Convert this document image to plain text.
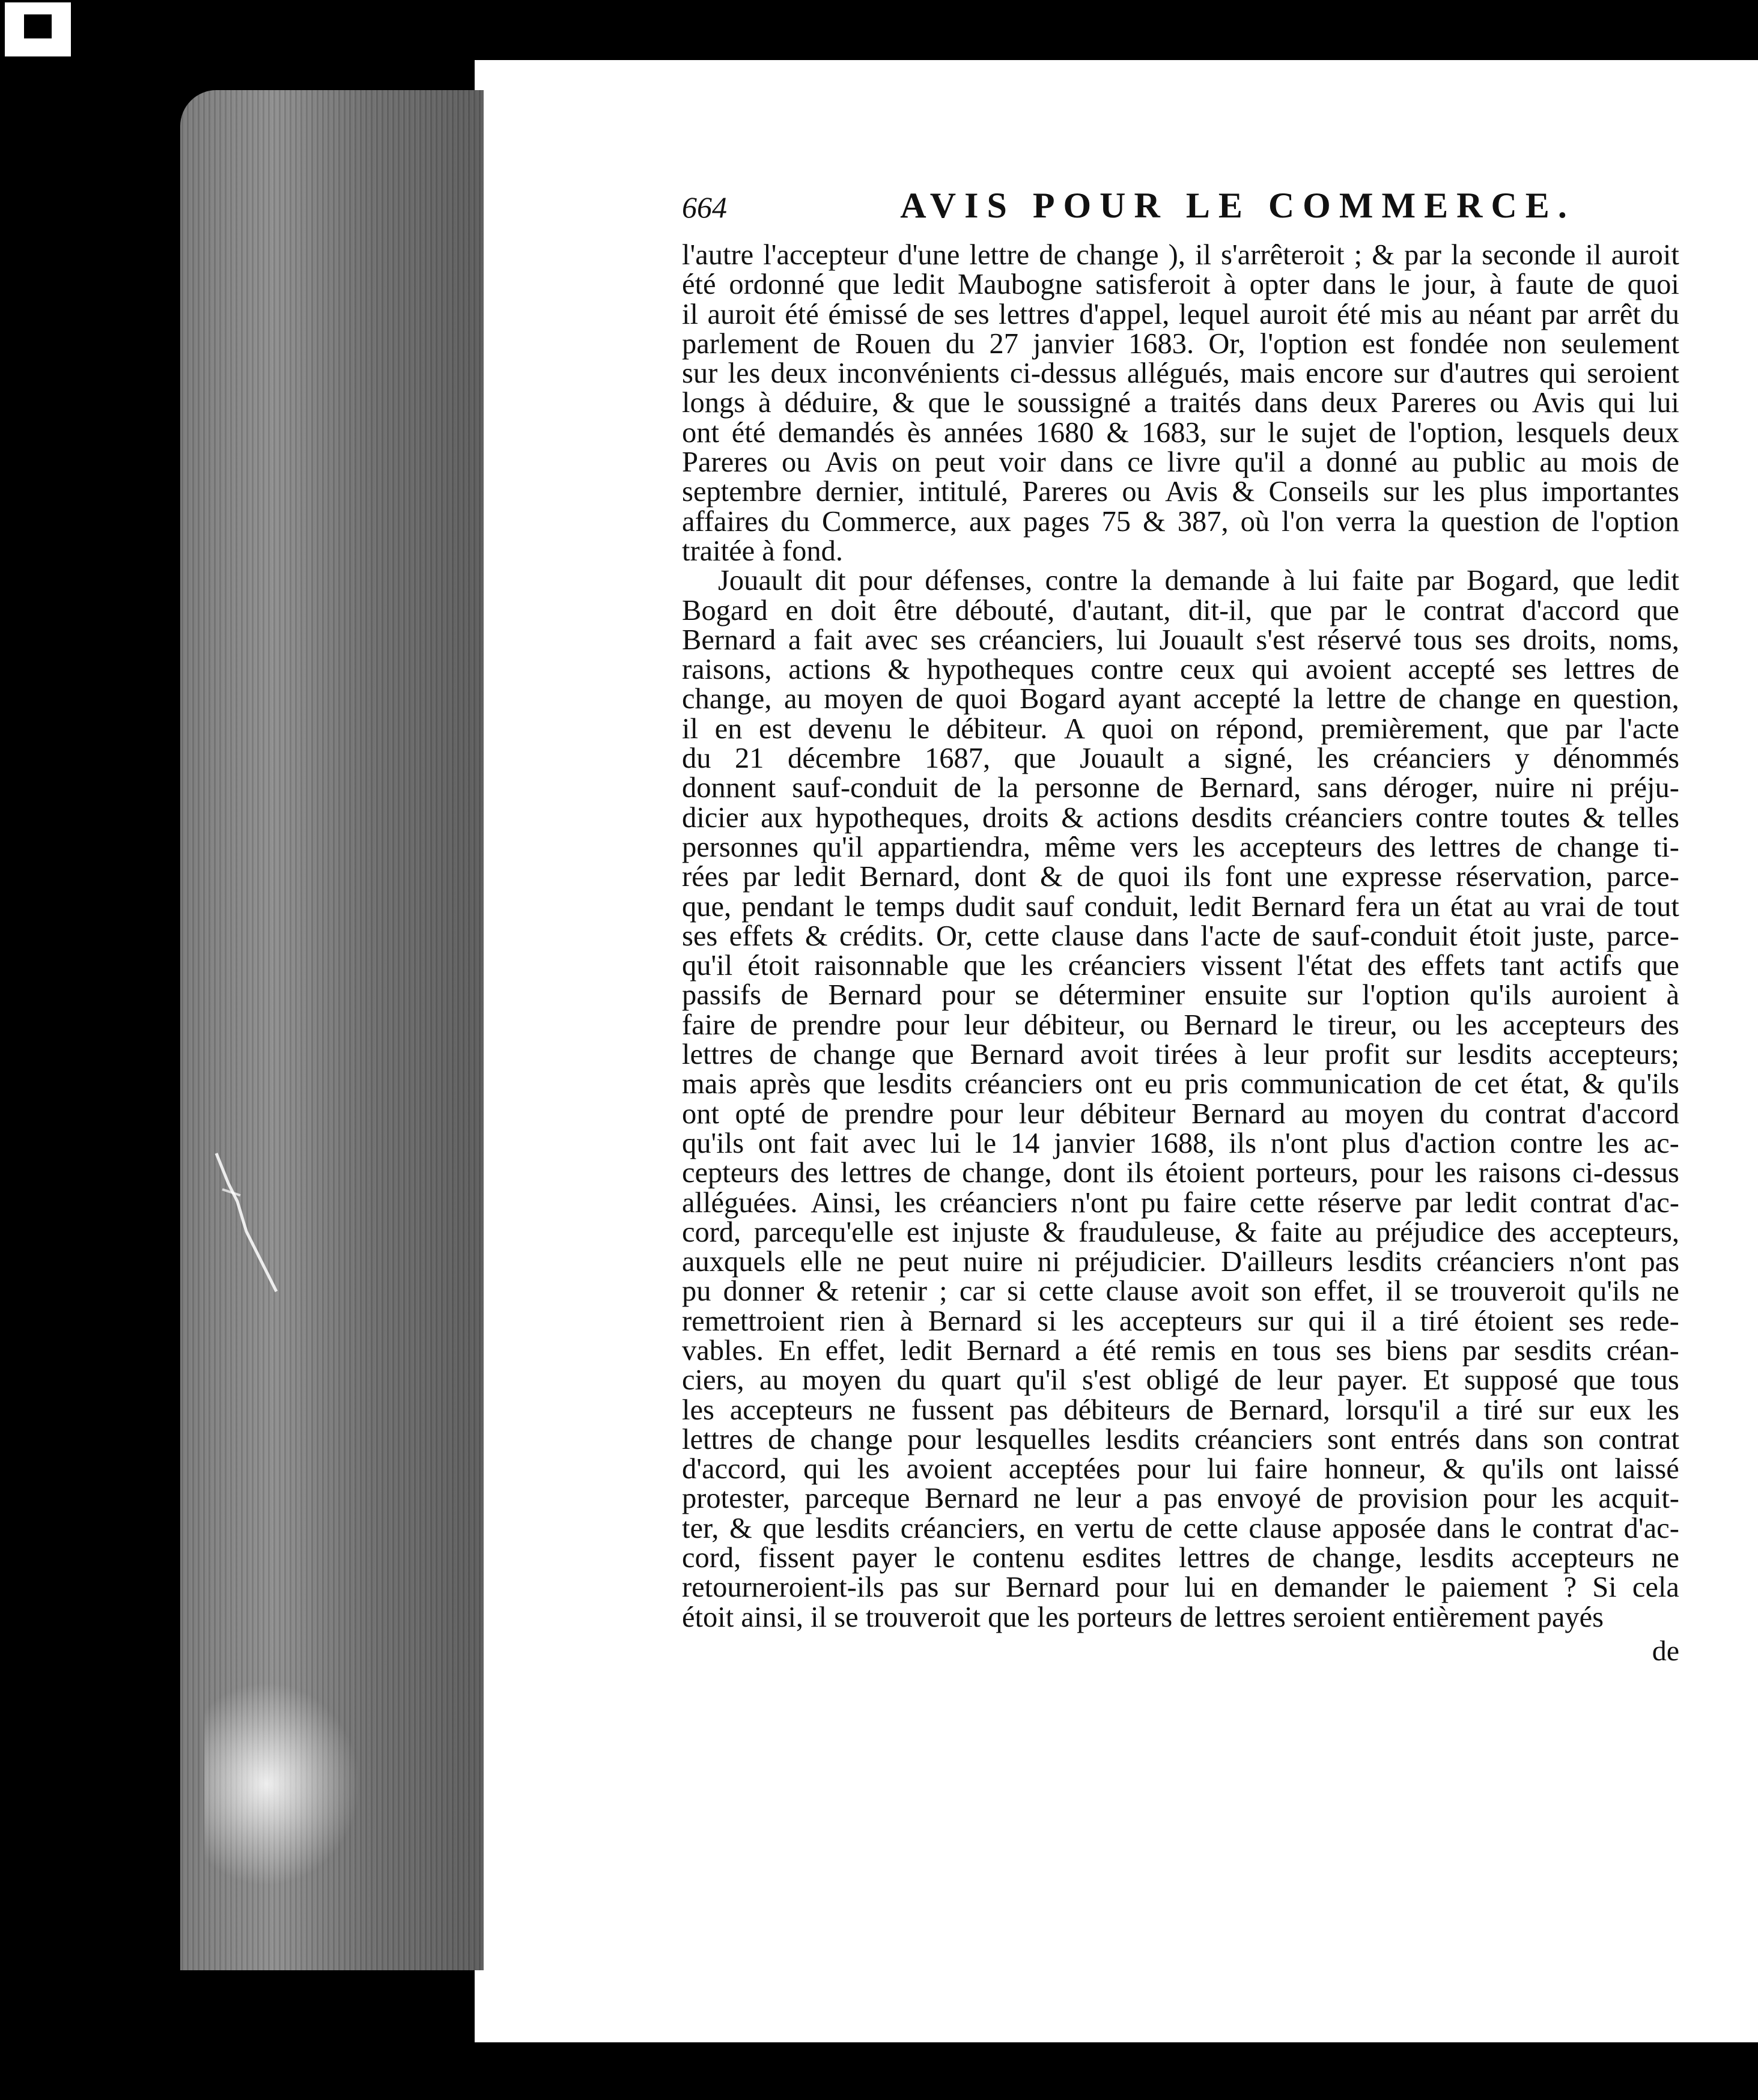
664	AVIS POUR LE COMMERCE.
l'autre l'accepteur d'une lettre de change ), il s'arrêteroit ; & par la seconde il auroit
été ordonné que ledit Maubogne satisferoit à opter dans le jour, à faute de quoi
il auroit été émissé de ses lettres d'appel, lequel auroit été mis au néant par arrêt du
parlement de Rouen du 27 janvier 1683. Or, l'option est fondée non seulement
sur les deux inconvénients ci-dessus allégués, mais encore sur d'autres qui seroient
longs à déduire, & que le soussigné a traités dans deux Pareres ou Avis qui lui
ont été demandés ès années 1680 & 1683, sur le sujet de l'option, lesquels deux
Pareres ou Avis on peut voir dans ce livre qu'il a donné au public au mois de
septembre dernier, intitulé, Pareres ou Avis & Conseils sur les plus importantes
affaires du Commerce, aux pages 75 & 387, où l'on verra la question de l'option
traitée à fond.
Jouault dit pour défenses, contre la demande à lui faite par Bogard, que ledit
Bogard en doit être débouté, d'autant, dit-il, que par le contrat d'accord que
Bernard a fait avec ses créanciers, lui Jouault s'est réservé tous ses droits, noms,
raisons, actions & hypotheques contre ceux qui avoient accepté ses lettres de
change, au moyen de quoi Bogard ayant accepté la lettre de change en question,
il en est devenu le débiteur. A quoi on répond, premièrement, que par l'acte
du 21 décembre 1687, que Jouault a signé, les créanciers y dénommés
donnent sauf-conduit de la personne de Bernard, sans déroger, nuire ni préju-
dicier aux hypotheques, droits & actions desdits créanciers contre toutes & telles
personnes qu'il appartiendra, même vers les accepteurs des lettres de change ti-
rées par ledit Bernard, dont & de quoi ils font une expresse réservation, parce-
que, pendant le temps dudit sauf conduit, ledit Bernard fera un état au vrai de tout
ses effets & crédits. Or, cette clause dans l'acte de sauf-conduit étoit juste, parce-
qu'il étoit raisonnable que les créanciers vissent l'état des effets tant actifs que
passifs de Bernard pour se déterminer ensuite sur l'option qu'ils auroient à
faire de prendre pour leur débiteur, ou Bernard le tireur, ou les accepteurs des
lettres de change que Bernard avoit tirées à leur profit sur lesdits accepteurs;
mais après que lesdits créanciers ont eu pris communication de cet état, & qu'ils
ont opté de prendre pour leur débiteur Bernard au moyen du contrat d'accord
qu'ils ont fait avec lui le 14 janvier 1688, ils n'ont plus d'action contre les ac-
cepteurs des lettres de change, dont ils étoient porteurs, pour les raisons ci-dessus
alléguées. Ainsi, les créanciers n'ont pu faire cette réserve par ledit contrat d'ac-
cord, parcequ'elle est injuste & frauduleuse, & faite au préjudice des accepteurs,
auxquels elle ne peut nuire ni préjudicier. D'ailleurs lesdits créanciers n'ont pas
pu donner & retenir ; car si cette clause avoit son effet, il se trouveroit qu'ils ne
remettroient rien à Bernard si les accepteurs sur qui il a tiré étoient ses rede-
vables. En effet, ledit Bernard a été remis en tous ses biens par sesdits créan-
ciers, au moyen du quart qu'il s'est obligé de leur payer. Et supposé que tous
les accepteurs ne fussent pas débiteurs de Bernard, lorsqu'il a tiré sur eux les
lettres de change pour lesquelles lesdits créanciers sont entrés dans son contrat
d'accord, qui les avoient acceptées pour lui faire honneur, & qu'ils ont laissé
protester, parceque Bernard ne leur a pas envoyé de provision pour les acquit-
ter, & que lesdits créanciers, en vertu de cette clause apposée dans le contrat d'ac-
cord, fissent payer le contenu esdites lettres de change, lesdits accepteurs ne
retourneroient-ils pas sur Bernard pour lui en demander le paiement ? Si cela
étoit ainsi, il se trouveroit que les porteurs de lettres seroient entièrement payés
de
